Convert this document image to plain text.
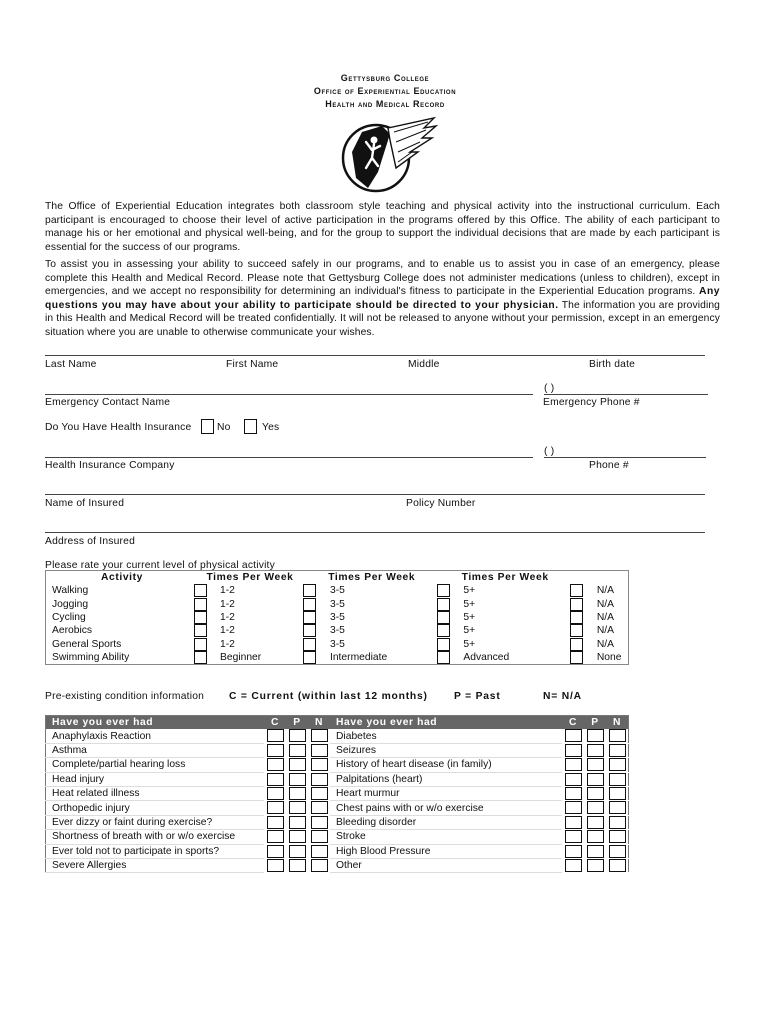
Gettysburg College
Office of Experiential Education
Health and Medical Record
The Office of Experiential Education integrates both classroom style teaching and physical activity into the instructional curriculum. Each participant is encouraged to choose their level of active participation in the programs offered by this Office. The ability of each participant to manage his or her emotional and physical well-being, and for the group to support the individual decisions that are made by each participant is essential for the success of our programs.
To assist you in assessing your ability to succeed safely in our programs, and to enable us to assist you in case of an emergency, please complete this Health and Medical Record. Please note that Gettysburg College does not administer medications (unless to children), except in emergencies, and we accept no responsibility for determining an individual's fitness to participate in the Experiential Education programs. Any questions you may have about your ability to participate should be directed to your physician. The information you are providing in this Health and Medical Record will be treated confidentially. It will not be released to anyone without your permission, except in an emergency situation where you are unable to otherwise communicate your wishes.
Last Name	First Name	Middle	Birth date
( )
Emergency Contact Name	Emergency Phone #
Do You Have Health Insurance No	Yes
( )
Health Insurance Company	Phone #
Name of Insured	Policy Number
Address of Insured
Please rate your current level of physical activity
Activity	Times Per Week		Times Per Week		Times Per Week			
Walking		1-2		3-5		5+		N/A
Jogging		1-2		3-5		5+		N/A
Cycling		1-2		3-5		5+		N/A
Aerobics		1-2		3-5		5+		N/A
General Sports		1-2		3-5		5+		N/A
Swimming Ability		Beginner		Intermediate		Advanced		None
Pre-existing condition information C = Current (within last 12 months)	P = Past	N= N/A
Have you ever had	C	P	N	Have you ever had	C	P	N
Anaphylaxis Reaction				Diabetes			
Asthma				Seizures			
Complete/partial hearing loss				History of heart disease (in family)			
Head injury				Palpitations (heart)			
Heat related illness				Heart murmur			
Orthopedic injury				Chest pains with or w/o exercise			
Ever dizzy or faint during exercise?				Bleeding disorder			
Shortness of breath with or w/o exercise				Stroke			
Ever told not to participate in sports?				High Blood Pressure			
Severe Allergies				Other			
